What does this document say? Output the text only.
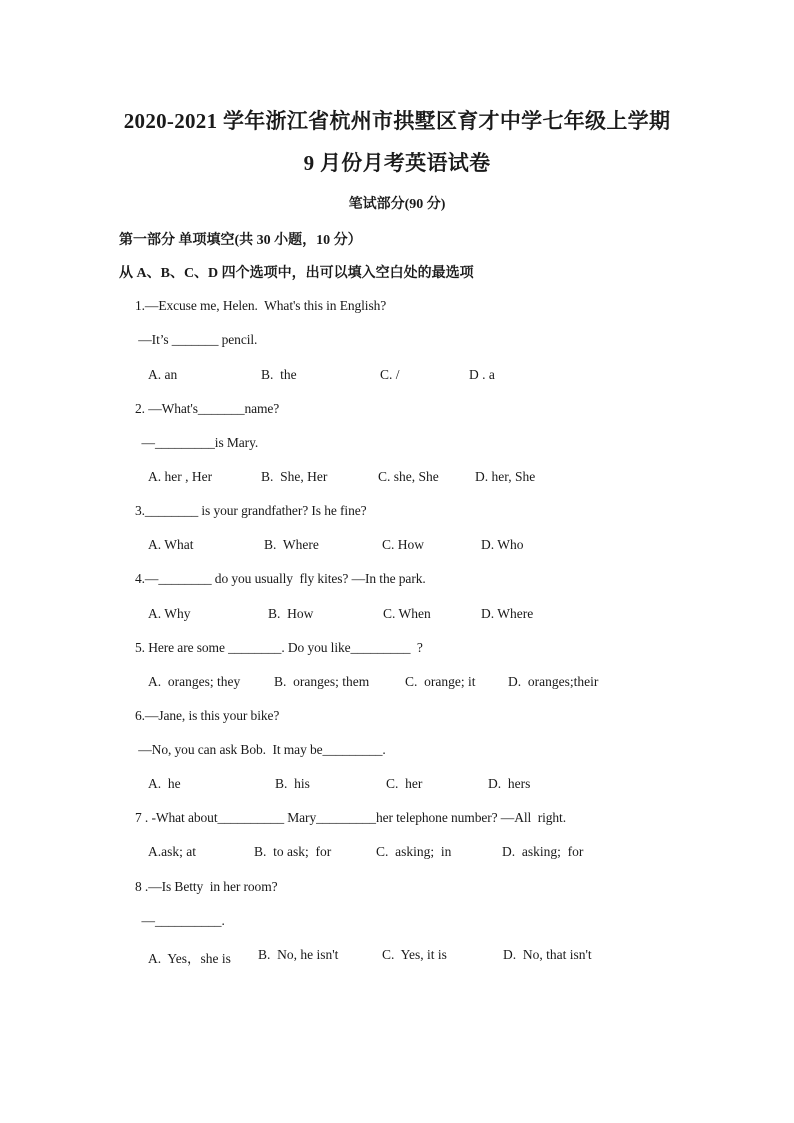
2020-2021 学年浙江省杭州市拱墅区育才中学七年级上学期
9 月份月考英语试卷
笔试部分(90 分)
第一部分 单项填空(共 30 小题，10 分）
从 A、B、C、D 四个选项中，出可以填入空白处的最选项
1.—Excuse me, Helen.  What's this in English?
—It’s _______ pencil.
A. an	B.  the	C. /	D . a
2. —What's_______name?
—_________is Mary.
A. her , Her	B.  She, Her	C. she, She	D. her, She
3.________ is your grandfather? Is he fine?
A. What	B.  Where	C. How	D. Who
4.—________ do you usually  fly kites? —In the park.
A. Why	B.  How	C. When	D. Where
5. Here are some ________. Do you like_________  ?
A.  oranges; they	B.  oranges; them	C.  orange; it D.  oranges;their
6.—Jane, is this your bike?
—No, you can ask Bob.  It may be_________.
A.  he	B.  his	C.  her	D.  hers
7 . -What about__________ Mary_________her telephone number? —All  right.
A.ask; at	B.  to ask;  for	C.  asking;  in	D.  asking;  for
8 .—Is Betty  in her room?
—__________.
A.  Yes，she is B.  No, he isn't	C.  Yes, it is	D.  No, that isn't
